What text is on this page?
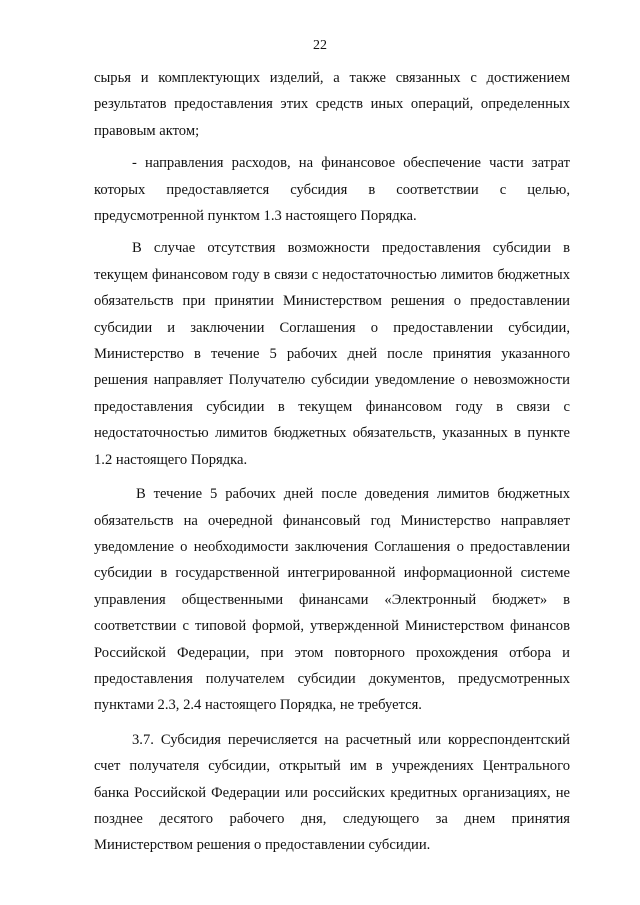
22

сырья и комплектующих изделий, а также связанных с достижением результатов предоставления этих средств иных операций, определенных правовым актом;

- направления расходов, на финансовое обеспечение части затрат которых предоставляется субсидия в соответствии с целью, предусмотренной пунктом 1.3 настоящего Порядка.

В случае отсутствия возможности предоставления субсидии в текущем финансовом году в связи с недостаточностью лимитов бюджетных обязательств при принятии Министерством решения о предоставлении субсидии и заключении Соглашения о предоставлении субсидии, Министерство в течение 5 рабочих дней после принятия указанного решения направляет Получателю субсидии уведомление о невозможности предоставления субсидии в текущем финансовом году в связи с недостаточностью лимитов бюджетных обязательств, указанных в пункте 1.2 настоящего Порядка.

В течение 5 рабочих дней после доведения лимитов бюджетных обязательств на очередной финансовый год Министерство направляет уведомление о необходимости заключения Соглашения о предоставлении субсидии в государственной интегрированной информационной системе управления общественными финансами «Электронный бюджет» в соответствии с типовой формой, утвержденной Министерством финансов Российской Федерации, при этом повторного прохождения отбора и предоставления получателем субсидии документов, предусмотренных пунктами 2.3, 2.4 настоящего Порядка, не требуется.

3.7. Субсидия перечисляется на расчетный или корреспондентский счет получателя субсидии, открытый им в учреждениях Центрального банка Российской Федерации или российских кредитных организациях, не позднее десятого рабочего дня, следующего за днем принятия Министерством решения о предоставлении субсидии.
